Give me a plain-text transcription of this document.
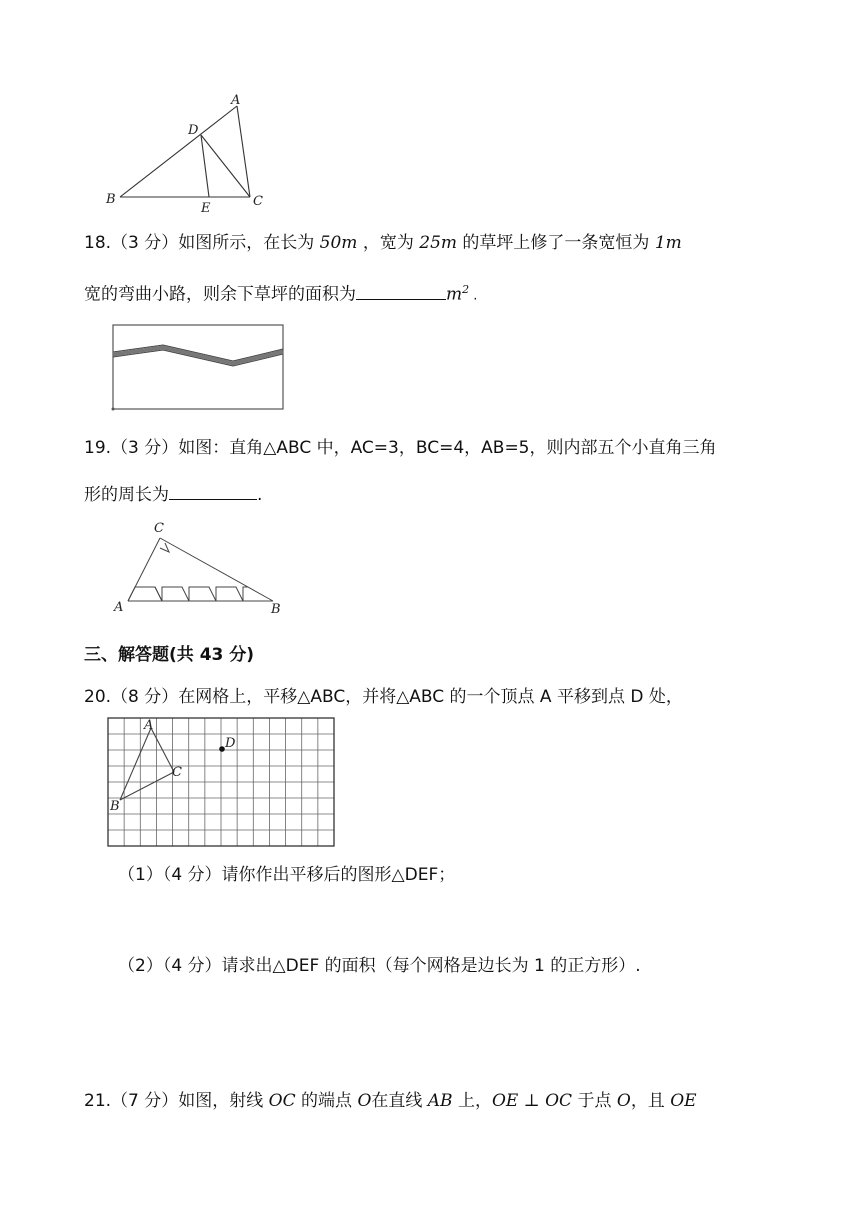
A
D
B
E	C
18.（3 分）如图所示，在长为 50m ，宽为 25m 的草坪上修了一条宽恒为 1m
宽的弯曲小路，则余下草坪的面积为	$m^2$ .
19.（3 分）如图：直角△ABC 中，AC=3，BC=4，AB=5，则内部五个小直角三角
形的周长为	.
C
A	B
三、解答题(共 43 分)
20.（8 分）在网格上，平移△ABC，并将△ABC 的一个顶点 A 平移到点 D 处，
A
D
C
B
（1）（4 分）请你作出平移后的图形△DEF；
（2）（4 分）请求出△DEF 的面积（每个网格是边长为 1 的正方形）.
21.（7 分）如图，射线 OC 的端点 O在直线 AB 上，OE ⊥ OC 于点 O，且 OE
